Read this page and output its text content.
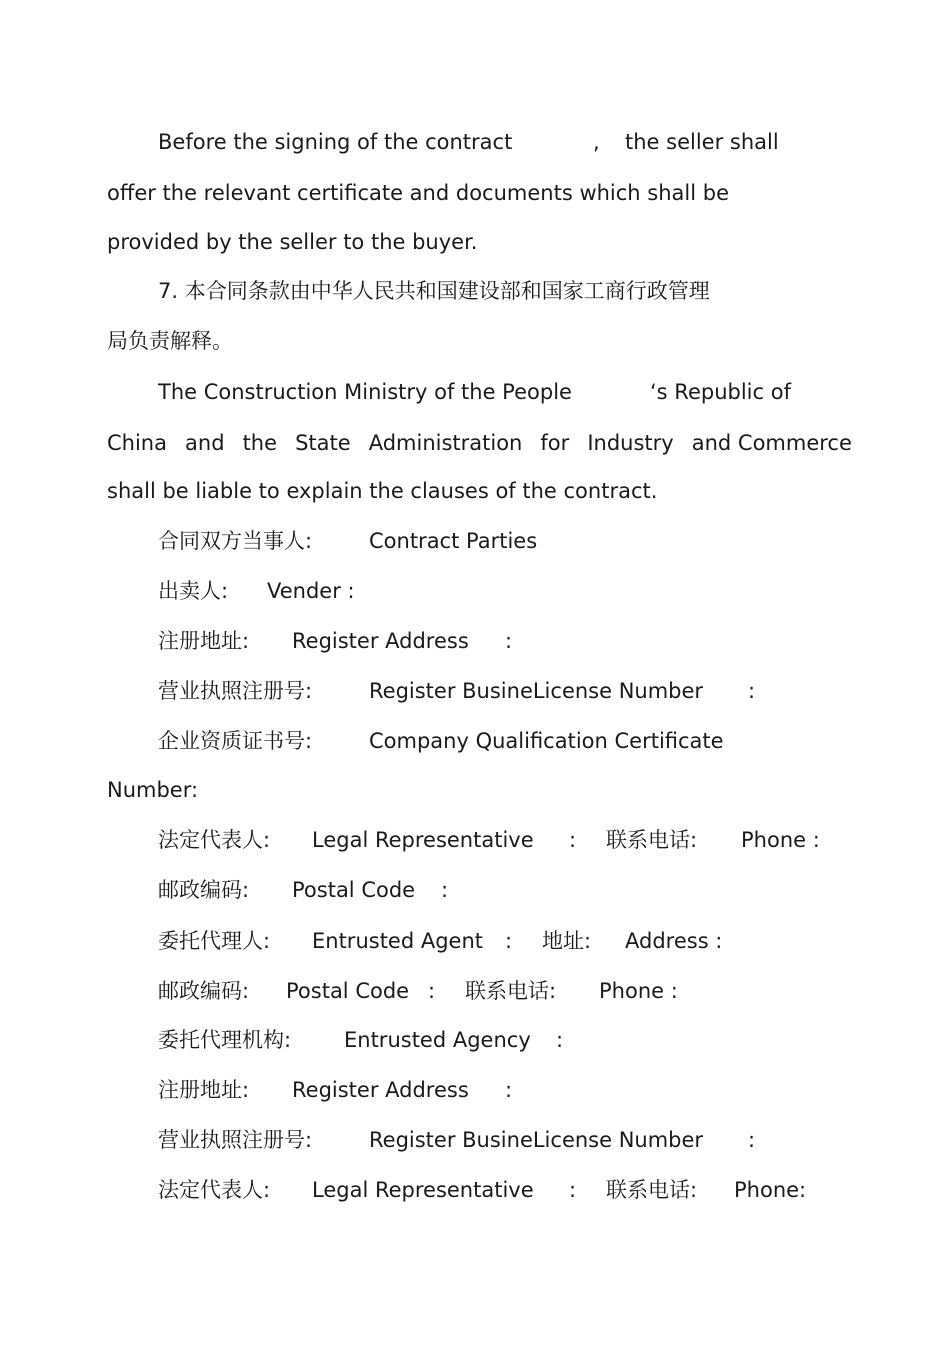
Before the signing of the contract	, the seller shall
offer the relevant certificate and documents which shall be
provided by the seller to the buyer.
7. 本合同条款由中华人民共和国建设部和国家工商行政管理
局负责解释。
The Construction Ministry of the People	‘s Republic of
China and the State Administration for Industry and Commerce
shall be liable to explain the clauses of the contract.
合同双方当事人:	Contract Parties
出卖人: Vender :
注册地址: Register Address :
营业执照注册号:	Register BusineLicense Number :
企业资质证书号:	Company Qualification Certificate
Number:
法定代表人: Legal Representative : 联系电话: Phone :
邮政编码: Postal Code :
委托代理人: Entrusted Agent : 地址: Address :
邮政编码: Postal Code : 联系电话: Phone :
委托代理机构:	Entrusted Agency :
注册地址: Register Address :
营业执照注册号:	Register BusineLicense Number :
法定代表人: Legal Representative : 联系电话: Phone:
